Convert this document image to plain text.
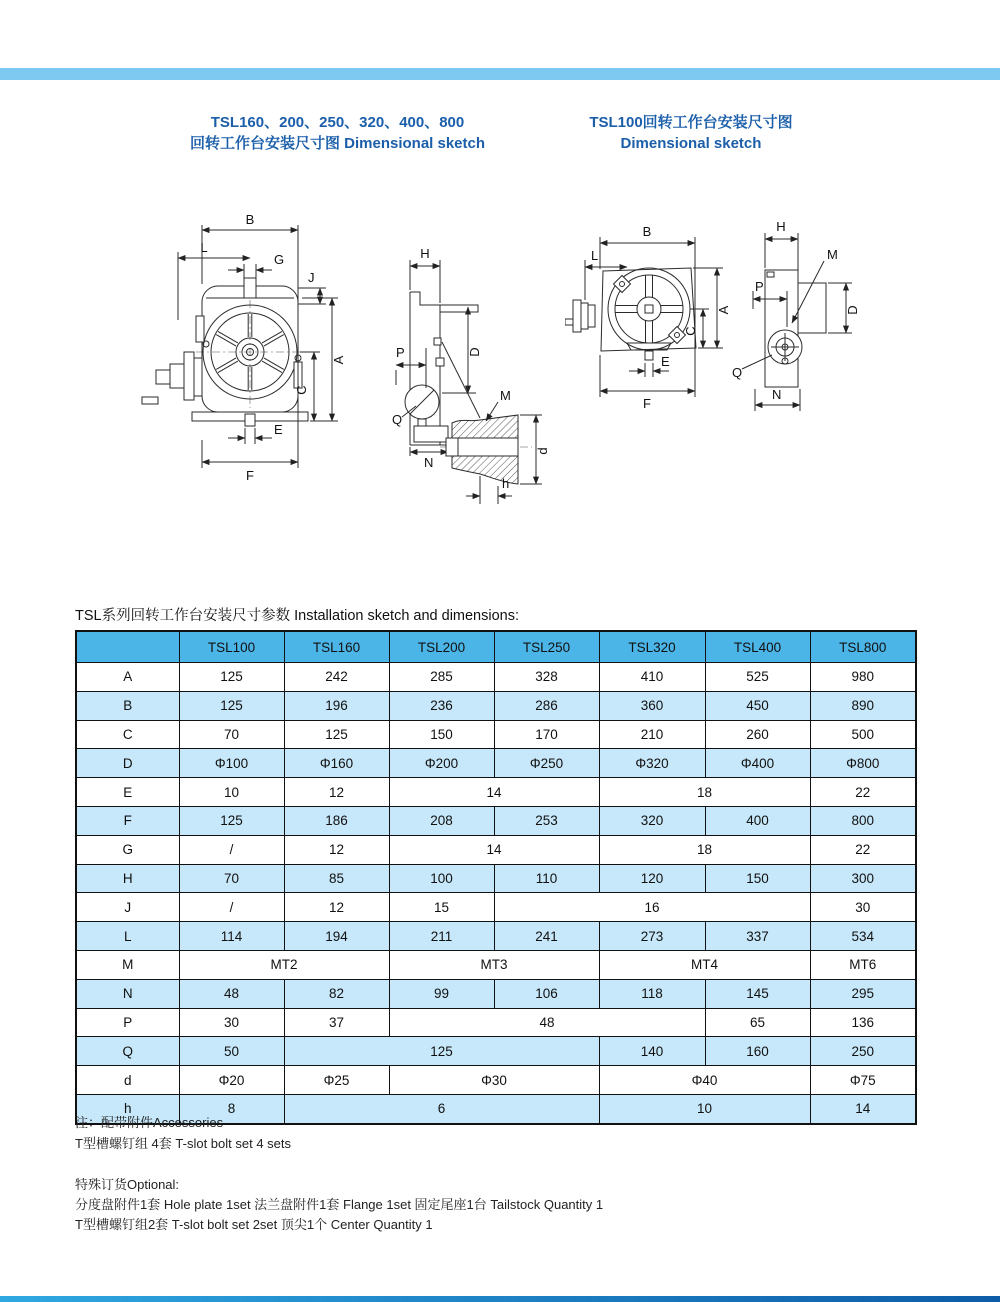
TSL160、200、250、320、400、800
回转工作台安装尺寸图 Dimensional sketch
TSL100回转工作台安装尺寸图
Dimensional sketch
B
L
G
J
A
C
E
F
H
D
P
Q
N
M
d
h
B
L
A
C
E
F
H
M
P
D
Q
N
TSL系列回转工作台安装尺寸参数 Installation sketch and dimensions:
	TSL100	TSL160	TSL200	TSL250	TSL320	TSL400	TSL800
A	125	242	285	328	410	525	980
B	125	196	236	286	360	450	890
C	70	125	150	170	210	260	500
D	Φ100	Φ160	Φ200	Φ250	Φ320	Φ400	Φ800
E	10	12	14		18		22
F	125	186	208	253	320	400	800
G	/	12	14		18		22
H	70	85	100	110	120	150	300
J	/	12	15	16			30
L	114	194	211	241	273	337	534
M	MT2		MT3		MT4		MT6
N	48	82	99	106	118	145	295
P	30	37	48			65	136
Q	50	125			140	160	250
d	Φ20	Φ25	Φ30		Φ40		Φ75
h	8	6			10		14
注：配带附件Accessories
T型槽螺钉组 4套 T-slot bolt set 4 sets
特殊订货Optional:
分度盘附件1套 Hole plate 1set 法兰盘附件1套 Flange 1set 固定尾座1台 Tailstock Quantity 1
T型槽螺钉组2套 T-slot bolt set 2set 顶尖1个 Center Quantity 1
